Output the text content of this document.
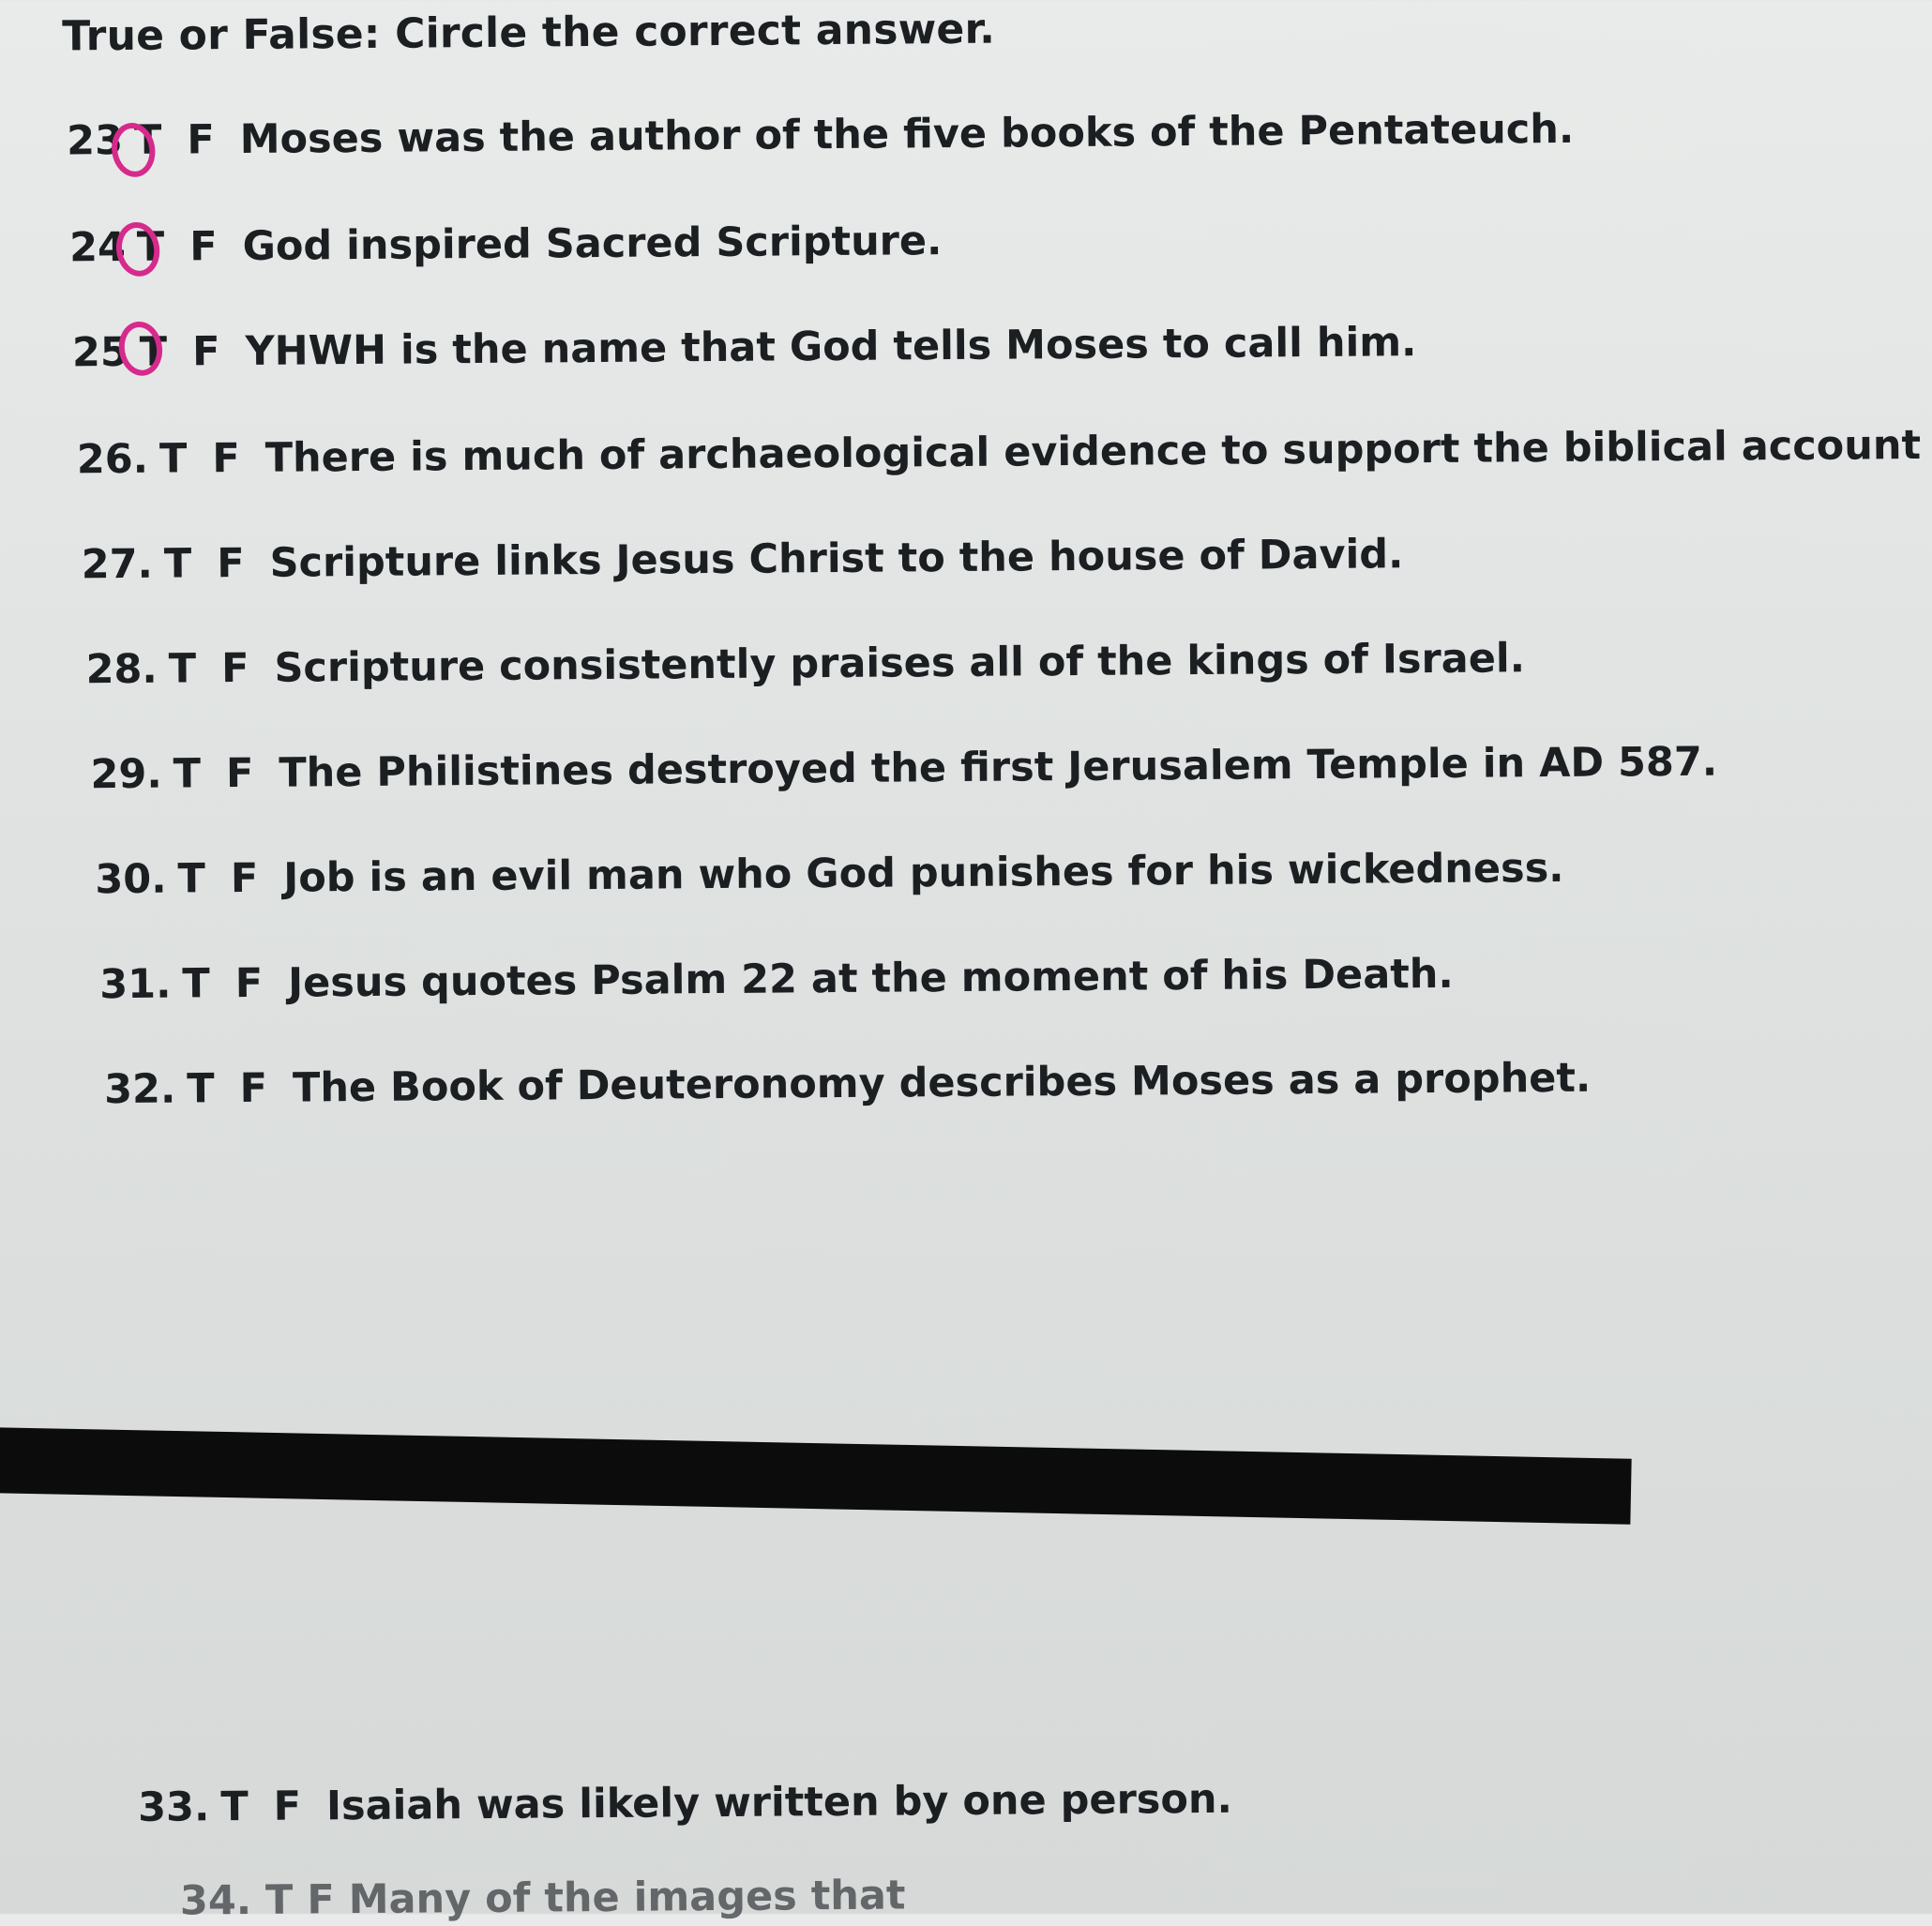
True or False: Circle the correct answer.
23 T F Moses was the author of the five books of the Pentateuch.
24 T F God inspired Sacred Scripture.
25 T F YHWH is the name that God tells Moses to call him.
26. T F There is much of archaeological evidence to support the biblical account
27. T F Scripture links Jesus Christ to the house of David.
28. T F Scripture consistently praises all of the kings of Israel.
29. T F The Philistines destroyed the first Jerusalem Temple in AD 587.
30. T F Job is an evil man who God punishes for his wickedness.
31. T F Jesus quotes Psalm 22 at the moment of his Death.
32. T F The Book of Deuteronomy describes Moses as a prophet.
33. T F Isaiah was likely written by one person.
34. T F Many of the images that
